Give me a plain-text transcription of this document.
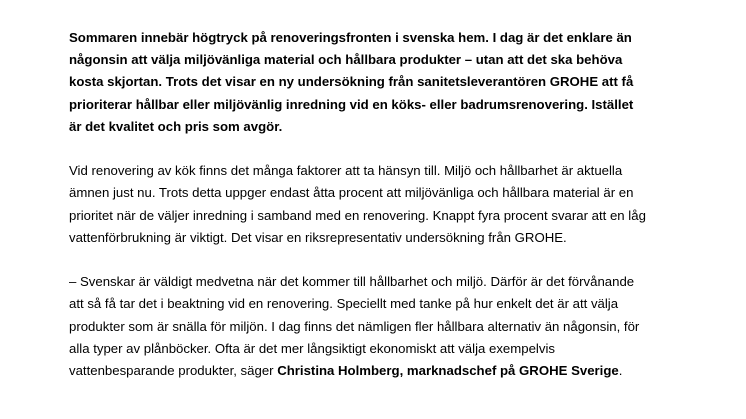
Sommaren innebär högtryck på renoveringsfronten i svenska hem. I dag är det enklare än
någonsin att välja miljövänliga material och hållbara produkter – utan att det ska behöva
kosta skjortan. Trots det visar en ny undersökning från sanitetsleverantören GROHE att få
prioriterar hållbar eller miljövänlig inredning vid en köks- eller badrumsrenovering. Istället
är det kvalitet och pris som avgör.

Vid renovering av kök finns det många faktorer att ta hänsyn till. Miljö och hållbarhet är aktuella
ämnen just nu. Trots detta uppger endast åtta procent att miljövänliga och hållbara material är en
prioritet när de väljer inredning i samband med en renovering. Knappt fyra procent svarar att en låg
vattenförbrukning är viktigt. Det visar en riksrepresentativ undersökning från GROHE.

– Svenskar är väldigt medvetna när det kommer till hållbarhet och miljö. Därför är det förvånande
att så få tar det i beaktning vid en renovering. Speciellt med tanke på hur enkelt det är att välja
produkter som är snälla för miljön. I dag finns det nämligen fler hållbara alternativ än någonsin, för
alla typer av plånböcker. Ofta är det mer långsiktigt ekonomiskt att välja exempelvis
vattenbesparande produkter, säger Christina Holmberg, marknadschef på GROHE Sverige.
